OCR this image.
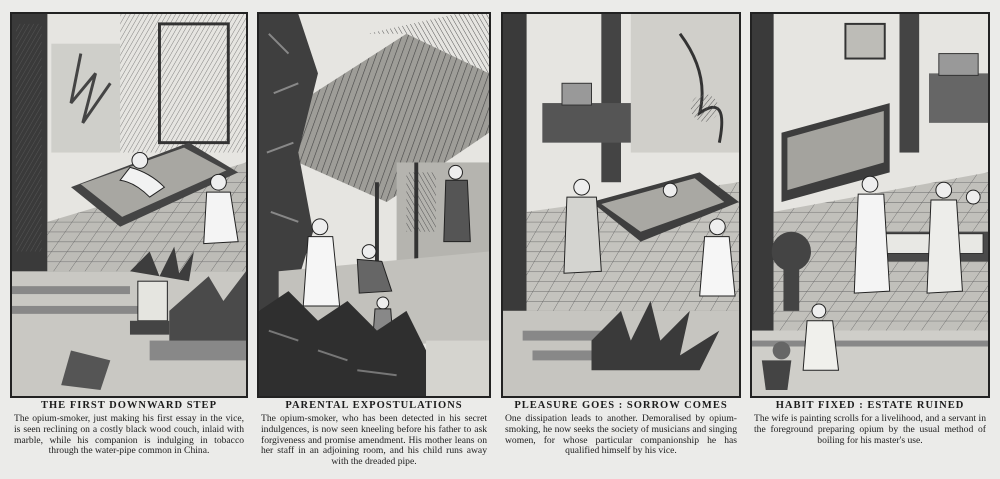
THE FIRST DOWNWARD STEP
The opium-smoker, just making his first essay in the vice, is seen reclining on a costly black wood couch, inlaid with marble, while his companion is indulging in tobacco through the water-pipe common in China.
PARENTAL EXPOSTULATIONS
The opium-smoker, who has been detected in his secret indulgences, is now seen kneeling before his father to ask forgiveness and promise amendment. His mother leans on her staff in an adjoining room, and his child runs away with the dreaded pipe.
PLEASURE GOES : SORROW COMES
One dissipation leads to another. Demoralised by opium-smoking, he now seeks the society of musicians and singing women, for whose particular companionship he has qualified himself by his vice.
HABIT FIXED : ESTATE RUINED
The wife is painting scrolls for a livelihood, and a servant in the foreground preparing opium by the usual method of boiling for his master's use.
